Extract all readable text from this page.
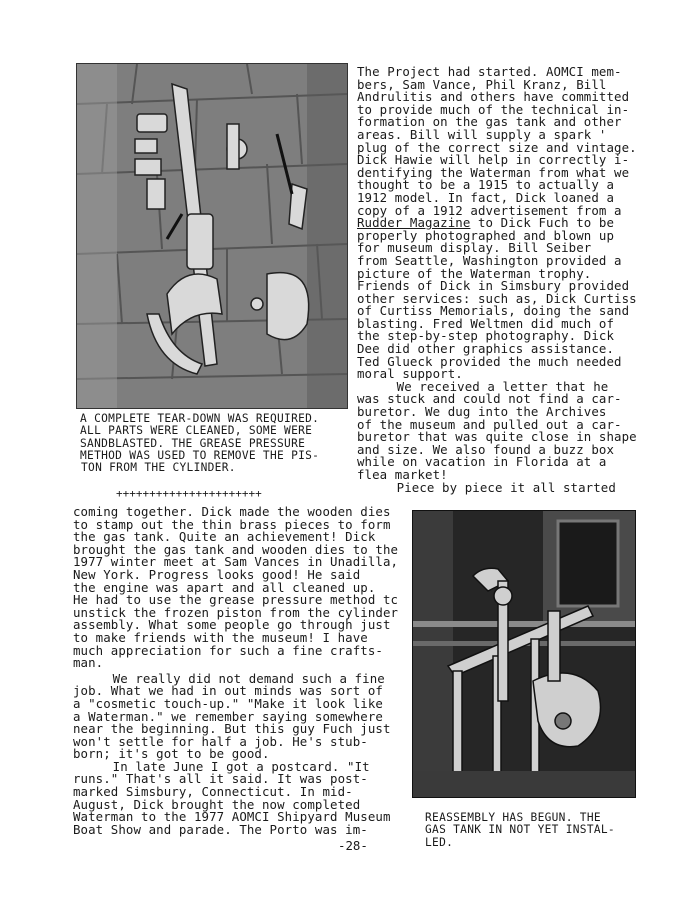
A COMPLETE TEAR-DOWN WAS REQUIRED.

ALL PARTS WERE CLEANED, SOME WERE

SANDBLASTED. THE GREASE PRESSURE

METHOD WAS USED TO REMOVE THE PIS-

TON FROM THE CYLINDER.

++++++++++++++++++++++

The Project had started. AOMCI mem-

bers, Sam Vance, Phil Kranz, Bill

Andrulitis and others have committed

to provide much of the technical in-

formation on the gas tank and other

areas. Bill will supply a spark '

plug of the correct size and vintage.

Dick Hawie will help in correctly i-

dentifying the Waterman from what we

thought to be a 1915 to actually a

1912 model. In fact, Dick loaned a

copy of a 1912 advertisement from a

Rudder Magazine to Dick Fuch to be

properly photographed and blown up

for museum display. Bill Seiber

from Seattle, Washington provided a

picture of the Waterman trophy.

Friends of Dick in Simsbury provided

other services: such as, Dick Curtiss

of Curtiss Memorials, doing the sand

blasting. Fred Weltmen did much of

the step-by-step photography. Dick

Dee did other graphics assistance.

Ted Glueck provided the much needed

moral support.

We received a letter that he

was stuck and could not find a car-

buretor. We dug into the Archives

of the museum and pulled out a car-

buretor that was quite close in shape

and size. We also found a buzz box

while on vacation in Florida at a

flea market!

Piece by piece it all started

coming together. Dick made the wooden dies

to stamp out the thin brass pieces to form

the gas tank. Quite an achievement! Dick

brought the gas tank and wooden dies to the

1977 winter meet at Sam Vances in Unadilla,

New York. Progress looks good! He said

the engine was apart and all cleaned up.

He had to use the grease pressure method tc

unstick the frozen piston from the cylinder

assembly. What some people go through just

to make friends with the museum! I have

much appreciation for such a fine crafts-

man.

We really did not demand such a fine

job. What we had in out minds was sort of

a "cosmetic touch-up." "Make it look like

a Waterman." we remember saying somewhere

near the beginning. But this guy Fuch just

won't settle for half a job. He's stub-

born; it's got to be good.

In late June I got a postcard. "It

runs." That's all it said. It was post-

marked Simsbury, Connecticut. In mid-

August, Dick brought the now completed

Waterman to the 1977 AOMCI Shipyard Museum

Boat Show and parade. The Porto was im-

REASSEMBLY HAS BEGUN. THE

GAS TANK IN NOT YET INSTAL-

LED.

-28-
